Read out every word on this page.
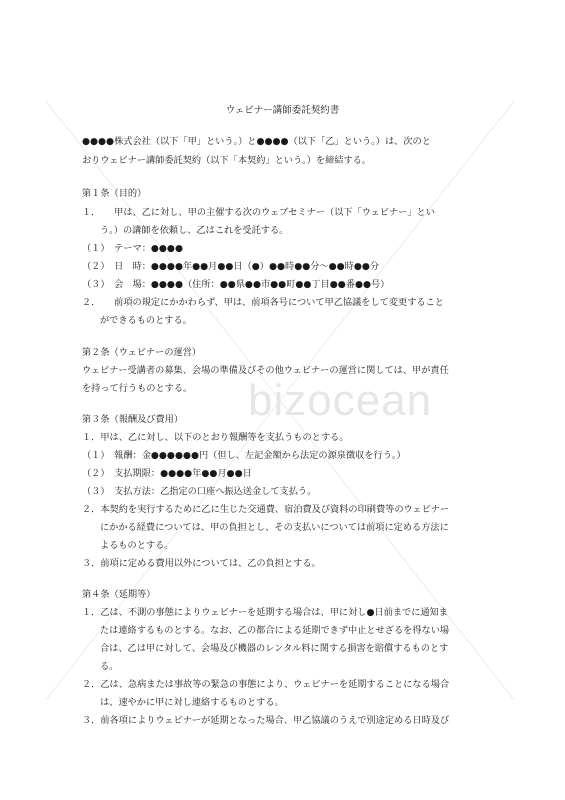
bizocean
ウェビナー講師委託契約書
●●●●株式会社（以下「甲」という。）と●●●●（以下「乙」という。）は、次のと
おりウェビナー講師委託契約（以下「本契約」という。）を締結する。
第１条（目的）
１．　　甲は、乙に対し、甲の主催する次のウェブセミナー（以下「ウェビナー」とい
う。）の講師を依頼し、乙はこれを受託する。
（１）　テーマ：●●●●
（２）　日　時：●●●●年●●月●●日（●）●●時●●分～●●時●●分
（３）　会　場：●●●●（住所：●●県●●市●●町●●丁目●●番●●号）
２．　　前項の規定にかかわらず、甲は、前項各号について甲乙協議をして変更すること
ができるものとする。
第２条（ウェビナーの運営）
ウェビナー受講者の募集、会場の準備及びその他ウェビナーの運営に関しては、甲が責任
を持って行うものとする。
第３条（報酬及び費用）
１．甲は、乙に対し、以下のとおり報酬等を支払うものとする。
（１）　報酬：金●●●●●●円（但し、左記金額から法定の源泉徴収を行う。）
（２）　支払期限：●●●●年●●月●●日
（３）　支払方法：乙指定の口座へ振込送金して支払う。
２．本契約を実行するために乙に生じた交通費、宿泊費及び資料の印刷費等のウェビナー
にかかる経費については、甲の負担とし、その支払いについては前項に定める方法に
よるものとする。
３．前項に定める費用以外については、乙の負担とする。
第４条（延期等）
１．乙は、不測の事態によりウェビナーを延期する場合は、甲に対し●日前までに通知ま
たは連絡するものとする。なお、乙の都合による延期できず中止とせざるを得ない場
合は、乙は甲に対して、会場及び機器のレンタル料に関する損害を賠償するものとす
る。
２．乙は、急病または事故等の緊急の事態により、ウェビナーを延期することになる場合
は、速やかに甲に対し連絡するものとする。
３．前各項によりウェビナーが延期となった場合、甲乙協議のうえで別途定める日時及び
